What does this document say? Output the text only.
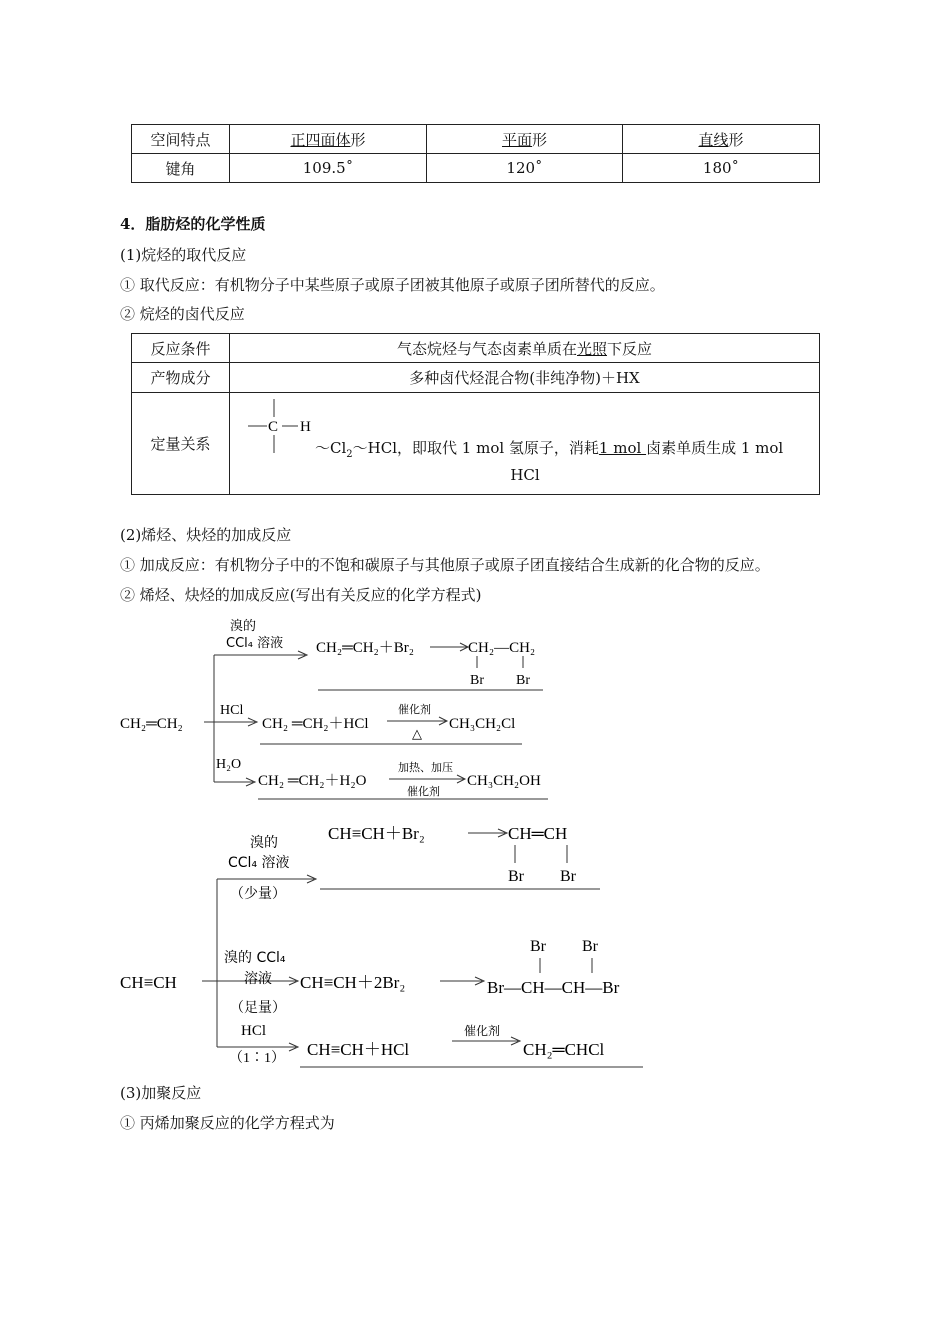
空间特点	正四面体形	平面形	直线形
键角	109.5˚	120˚	180˚
4．脂肪烃的化学性质
(1)烷烃的取代反应
① 取代反应：有机物分子中某些原子或原子团被其他原子或原子团所替代的反应。
② 烷烃的卤代反应
反应条件	气态烷烃与气态卤素单质在光照下反应
产物成分	多种卤代烃混合物(非纯净物)＋HX
定量关系	C H
$\sim Cl_2\sim HCl$，即取代 1 mol 氢原子，消耗1 mol 卤素单质生成 1 mol
HCl
(2)烯烃、炔烃的加成反应
① 加成反应：有机物分子中的不饱和碳原子与其他原子或原子团直接结合生成新的化合物的反应。
② 烯烃、炔烃的加成反应(写出有关反应的化学方程式)
CH₂═CH₂
溴的
CCl₄ 溶液 CH₂═CH₂＋Br₂	CH₂—CH₂
Br Br
HCl
CH₂ ═CH₂＋HCl
催化剂
△
CH₃CH₂Cl
H₂O
CH₂ ═CH₂＋H₂O
加热、加压
催化剂
CH₃CH₂OH
CH≡CH
溴的
CCl₄ 溶液
（少量）
CH≡CH＋Br₂	CH═CH
Br Br
溴的 CCl₄
溶液
（足量）
CH≡CH＋2Br₂	Br—CH—CH—Br
Br Br
HCl
（1∶1） CH≡CH＋HCl
催化剂
CH₂═CHCl
(3)加聚反应
① 丙烯加聚反应的化学方程式为
